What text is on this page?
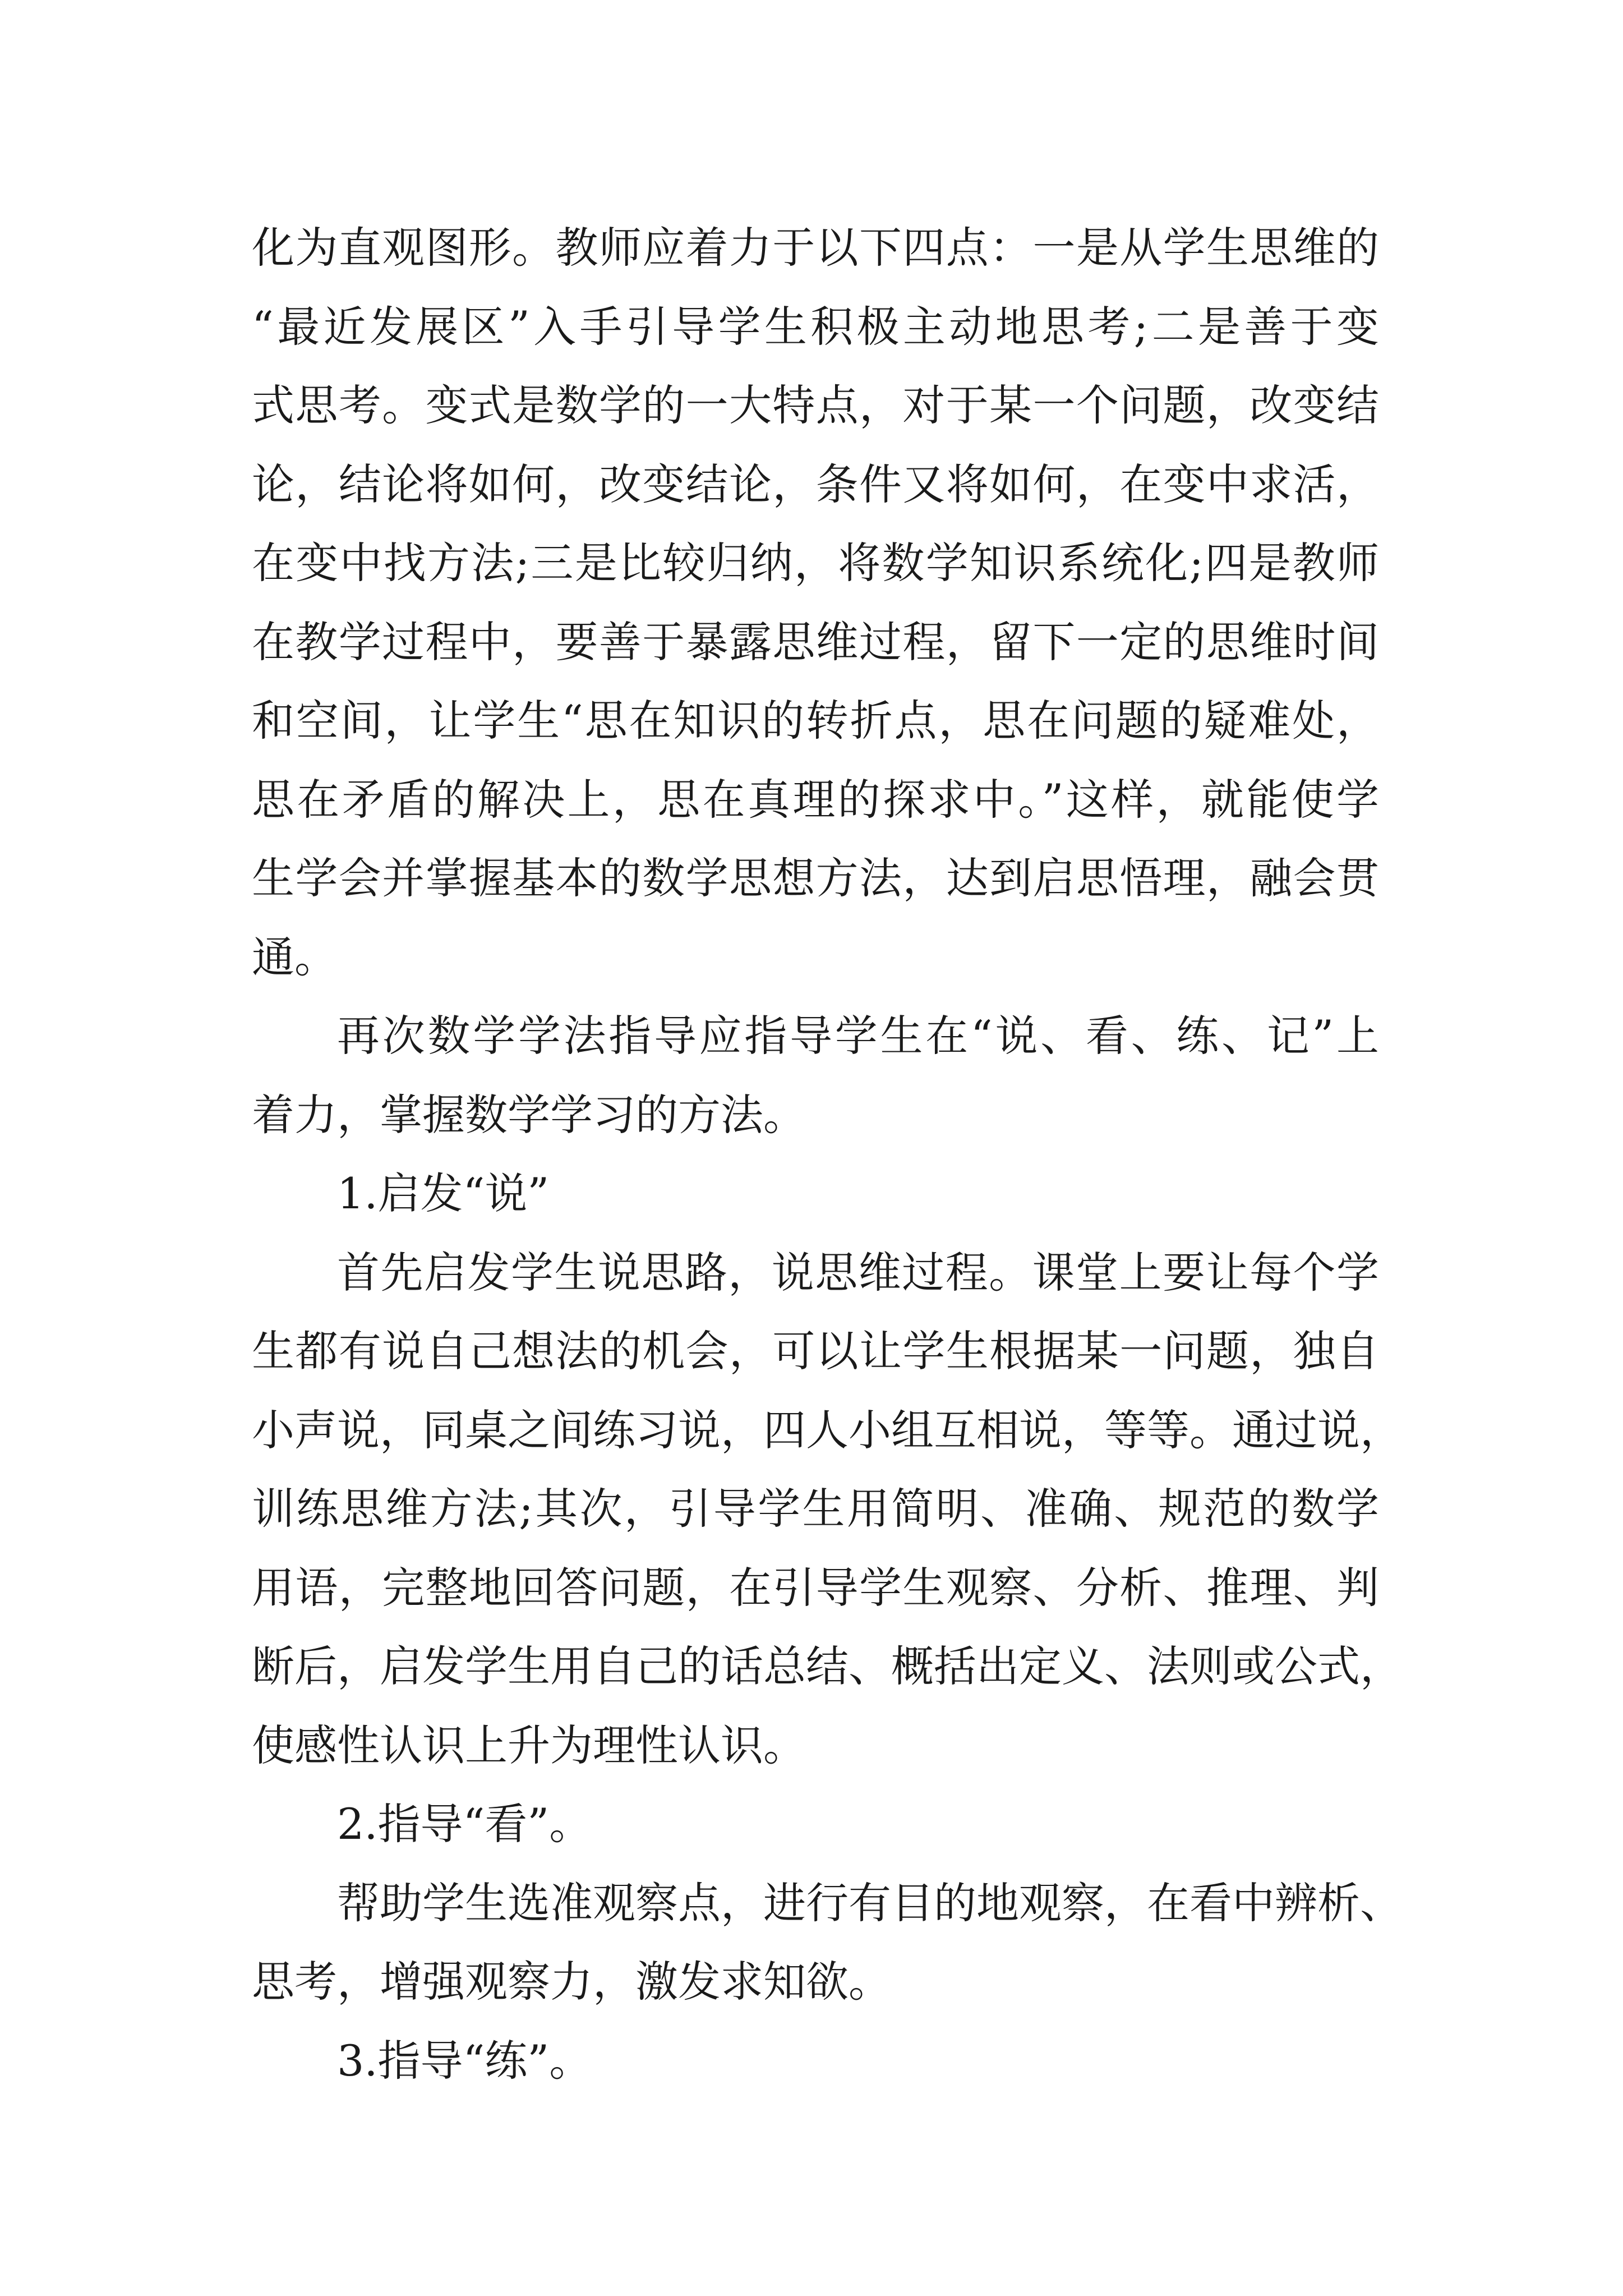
化为直观图形。教师应着力于以下四点：一是从学生思维的
“最近发展区”入手引导学生积极主动地思考;二是善于变
式思考。变式是数学的一大特点，对于某一个问题，改变结
论，结论将如何，改变结论，条件又将如何，在变中求活，
在变中找方法;三是比较归纳，将数学知识系统化;四是教师
在教学过程中，要善于暴露思维过程，留下一定的思维时间
和空间，让学生“思在知识的转折点，思在问题的疑难处，
思在矛盾的解决上，思在真理的探求中。”这样，就能使学
生学会并掌握基本的数学思想方法，达到启思悟理，融会贯
通。
再次数学学法指导应指导学生在“说、看、练、记”上
着力，掌握数学学习的方法。
1.启发“说”
首先启发学生说思路，说思维过程。课堂上要让每个学
生都有说自己想法的机会，可以让学生根据某一问题，独自
小声说，同桌之间练习说，四人小组互相说，等等。通过说，
训练思维方法;其次，引导学生用简明、准确、规范的数学
用语，完整地回答问题，在引导学生观察、分析、推理、判
断后，启发学生用自己的话总结、概括出定义、法则或公式，
使感性认识上升为理性认识。
2.指导“看”。
帮助学生选准观察点，进行有目的地观察，在看中辨析、
思考，增强观察力，激发求知欲。
3.指导“练”。
